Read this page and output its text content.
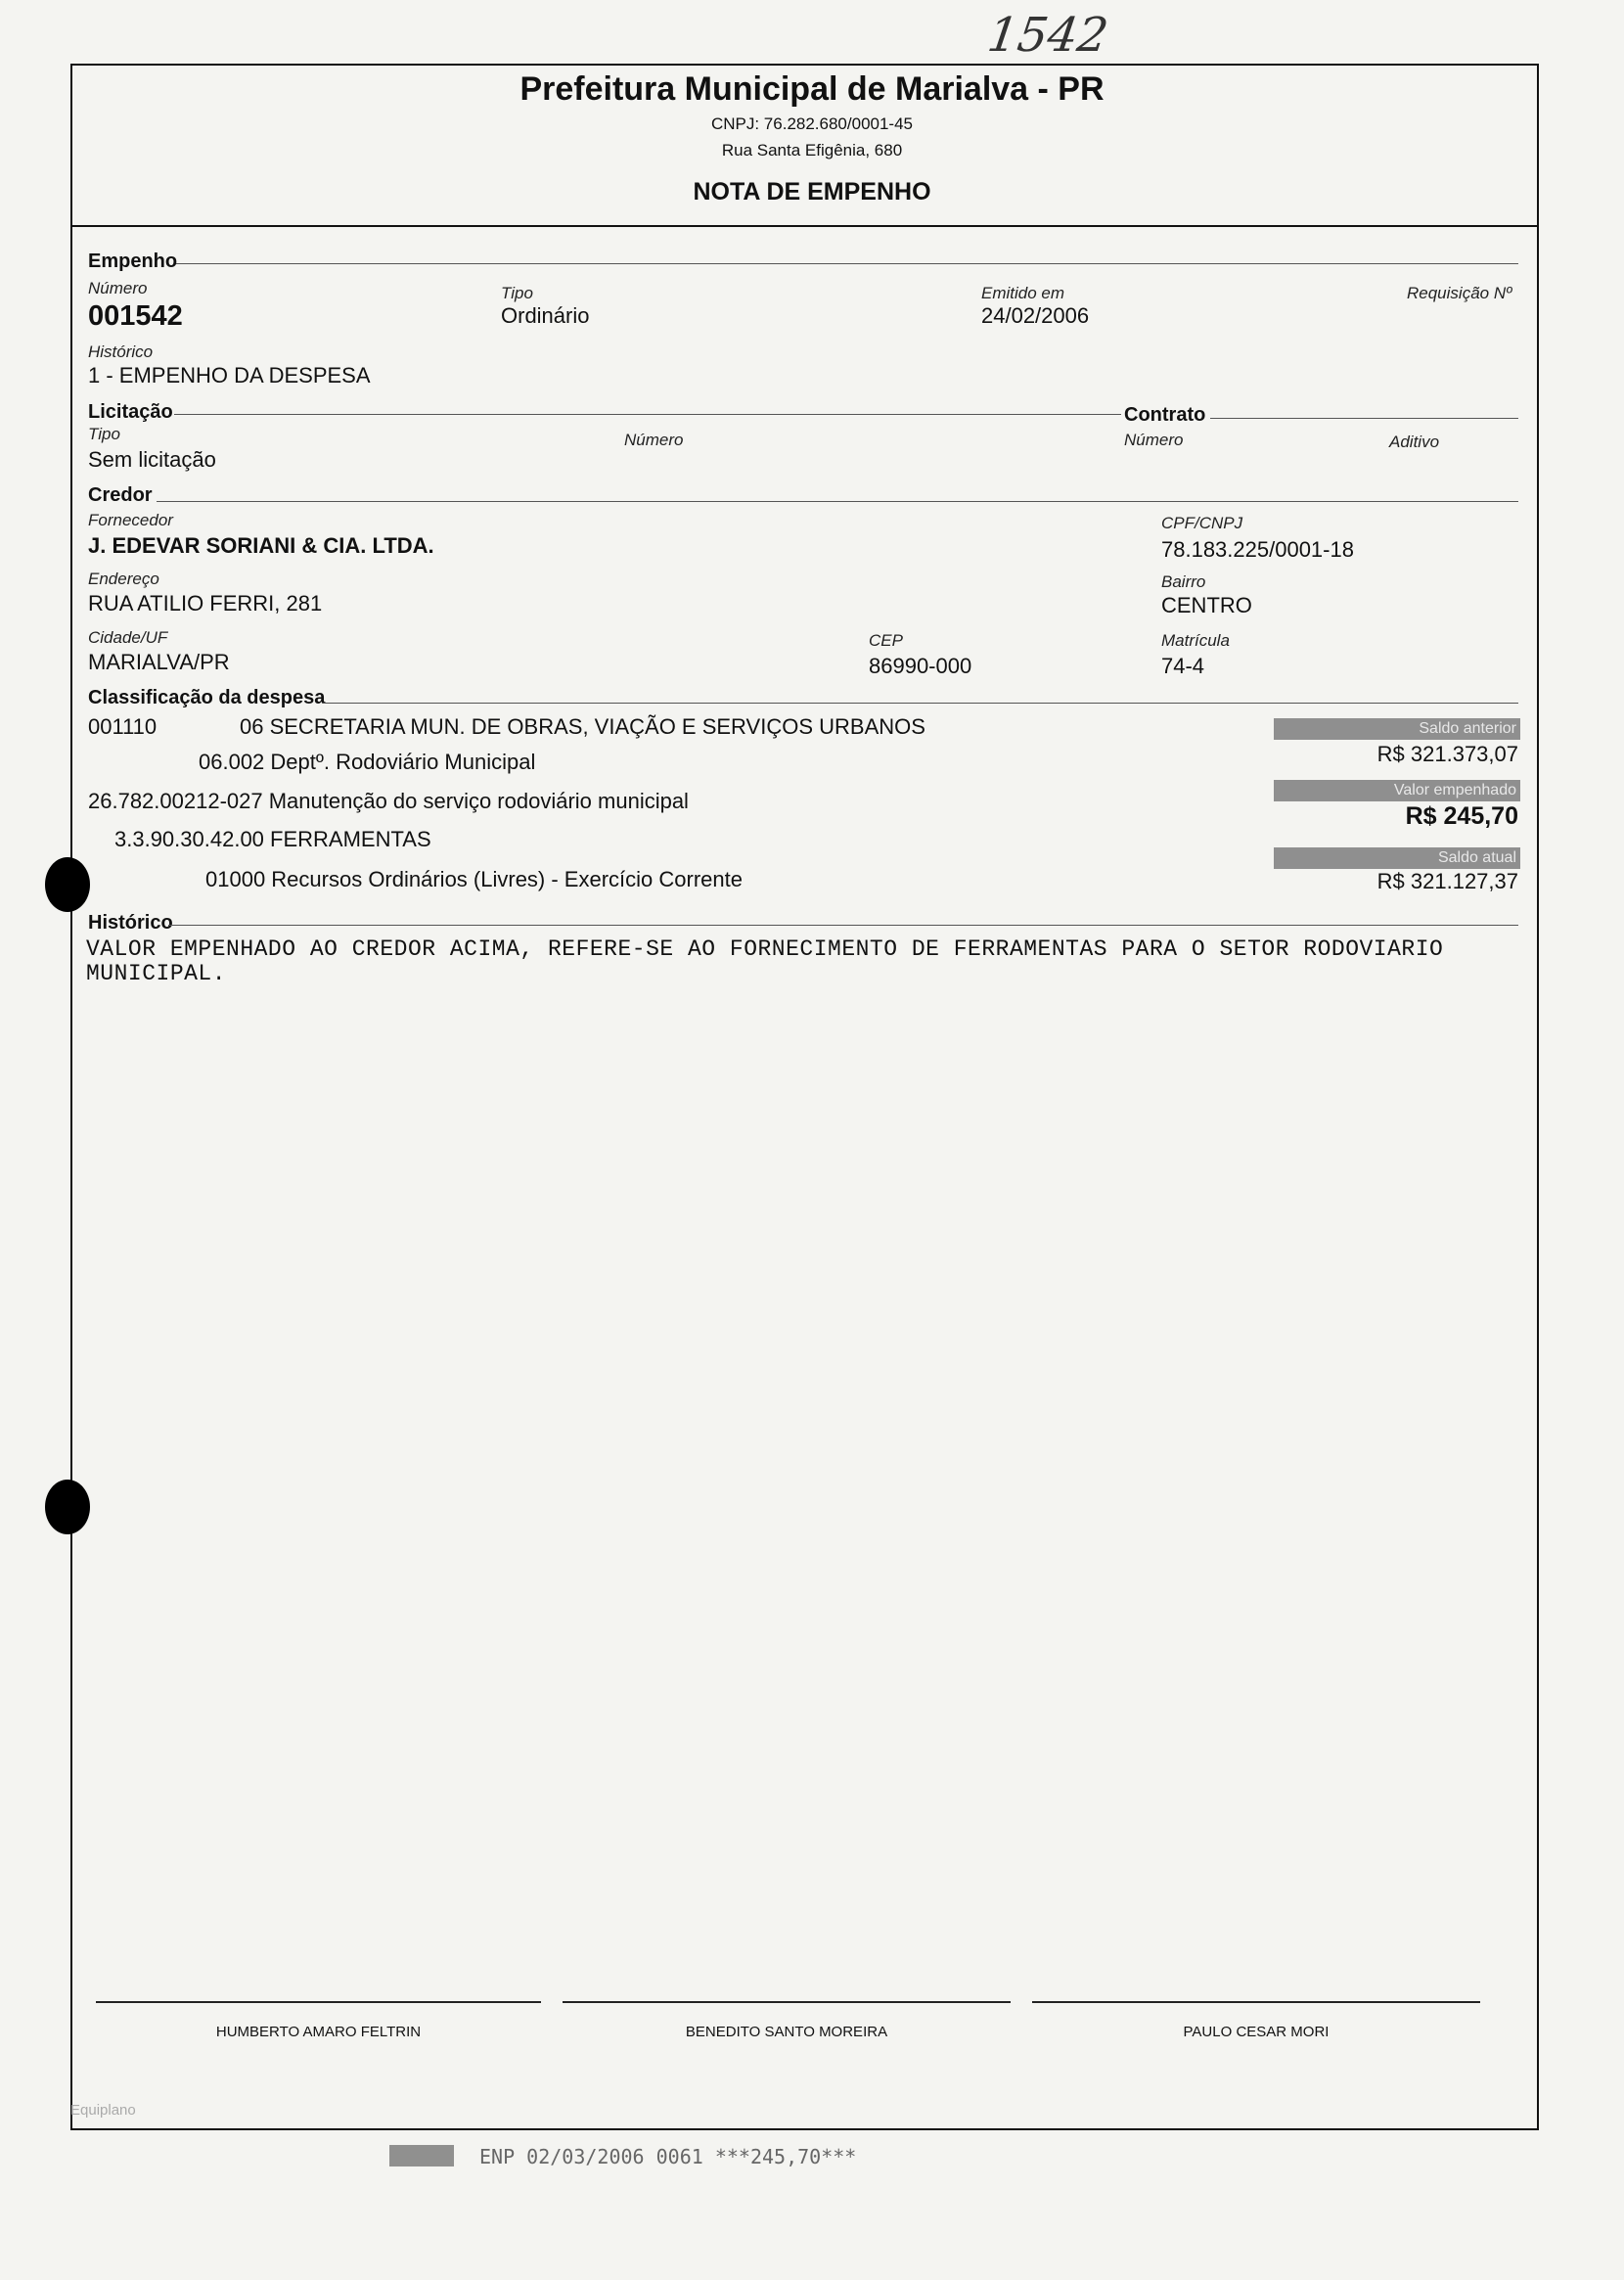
1542
Prefeitura Municipal de Marialva - PR
CNPJ: 76.282.680/0001-45
Rua Santa Efigênia, 680
NOTA DE EMPENHO
Empenho
Número
001542
Tipo
Ordinário
Emitido em
24/02/2006
Requisição Nº
Histórico
1 - EMPENHO DA DESPESA
Licitação	Contrato
Tipo
Sem licitação
Número	Número	Aditivo
Credor
Fornecedor
J. EDEVAR SORIANI & CIA. LTDA.
CPF/CNPJ
78.183.225/0001-18
Endereço
RUA ATILIO FERRI, 281
Bairro
CENTRO
Cidade/UF
MARIALVA/PR
CEP
86990-000
Matrícula
74-4
Classificação da despesa
001110	06 SECRETARIA MUN. DE OBRAS, VIAÇÃO E SERVIÇOS URBANOS
06.002 Deptº. Rodoviário Municipal
26.782.00212-027 Manutenção do serviço rodoviário municipal
3.3.90.30.42.00 FERRAMENTAS
01000 Recursos Ordinários (Livres) - Exercício Corrente
Saldo anterior
R$ 321.373,07
Valor empenhado
R$ 245,70
Saldo atual
R$ 321.127,37
Histórico
VALOR EMPENHADO AO CREDOR ACIMA, REFERE-SE AO FORNECIMENTO DE FERRAMENTAS PARA O SETOR RODOVIARIO
MUNICIPAL.
HUMBERTO AMARO FELTRIN	BENEDITO SANTO MOREIRA	PAULO CESAR MORI
Equiplano
ENP 02/03/2006 0061 ***245,70***
